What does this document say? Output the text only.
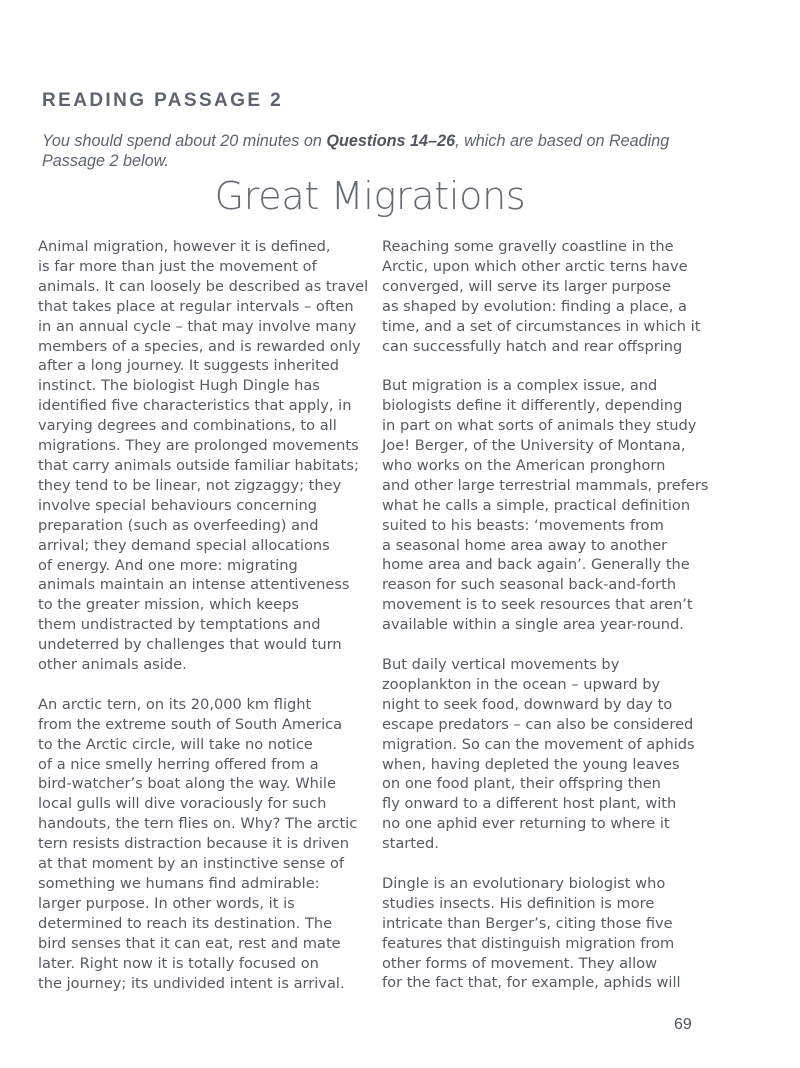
READING PASSAGE 2
You should spend about 20 minutes on Questions 14–26, which are based on Reading
Passage 2 below.
Great Migrations
Animal migration, however it is defined,
is far more than just the movement of
animals. It can loosely be described as travel
that takes place at regular intervals – often
in an annual cycle – that may involve many
members of a species, and is rewarded only
after a long journey. It suggests inherited
instinct. The biologist Hugh Dingle has
identified five characteristics that apply, in
varying degrees and combinations, to all
migrations. They are prolonged movements
that carry animals outside familiar habitats;
they tend to be linear, not zigzaggy; they
involve special behaviours concerning
preparation (such as overfeeding) and
arrival; they demand special allocations
of energy. And one more: migrating
animals maintain an intense attentiveness
to the greater mission, which keeps
them undistracted by temptations and
undeterred by challenges that would turn
other animals aside.
An arctic tern, on its 20,000 km flight
from the extreme south of South America
to the Arctic circle, will take no notice
of a nice smelly herring offered from a
bird-watcher’s boat along the way. While
local gulls will dive voraciously for such
handouts, the tern flies on. Why? The arctic
tern resists distraction because it is driven
at that moment by an instinctive sense of
something we humans find admirable:
larger purpose. In other words, it is
determined to reach its destination. The
bird senses that it can eat, rest and mate
later. Right now it is totally focused on
the journey; its undivided intent is arrival.
Reaching some gravelly coastline in the
Arctic, upon which other arctic terns have
converged, will serve its larger purpose
as shaped by evolution: finding a place, a
time, and a set of circumstances in which it
can successfully hatch and rear offspring
But migration is a complex issue, and
biologists define it differently, depending
in part on what sorts of animals they study
Joe! Berger, of the University of Montana,
who works on the American pronghorn
and other large terrestrial mammals, prefers
what he calls a simple, practical definition
suited to his beasts: ‘movements from
a seasonal home area away to another
home area and back again’. Generally the
reason for such seasonal back-and-forth
movement is to seek resources that aren’t
available within a single area year-round.
But daily vertical movements by
zooplankton in the ocean – upward by
night to seek food, downward by day to
escape predators – can also be considered
migration. So can the movement of aphids
when, having depleted the young leaves
on one food plant, their offspring then
fly onward to a different host plant, with
no one aphid ever returning to where it
started.
Dingle is an evolutionary biologist who
studies insects. His definition is more
intricate than Berger’s, citing those five
features that distinguish migration from
other forms of movement. They allow
for the fact that, for example, aphids will
69
